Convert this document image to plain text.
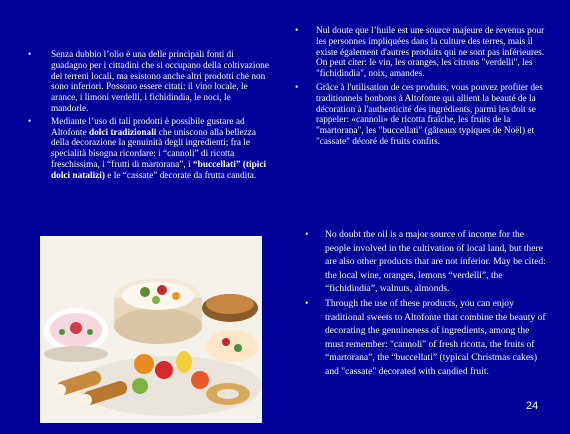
• Senza dubbio l’olio è una delle principali fonti di guadagno per i cittadini che si occupano della coltivazione dei terreni locali, ma esistono anche altri prodotti che non sono inferiori. Possono essere citati: il vino locale, le arance, i limoni verdelli, i fichidindia, le noci, le mandorle.
• Mediante l’uso di tali prodotti è possibile gustare ad Altofonte dolci tradizionali che uniscono alla bellezza della decorazione la genuinità degli ingredienti; fra le specialità bisogna ricordare: i “cannoli” di ricotta freschissima, i “frutti di martorana”, i “buccellati” (tipici dolci natalizi) e le “cassate” decorate da frutta candita.
• Nul doute que l’huile est une source majeure de revenus pour les personnes impliquées dans la culture des terres, mais il existe également d'autres produits qui ne sont pas inférieures. On peut citer: le vin, les oranges, les citrons "verdelli", les "fichidindia", noix, amandes.
• Grâce à l'utilisation de ces produits, vous pouvez profiter des traditionnels bonbons à Altofonte qui allient la beauté de la décoration à l'authenticité des ingrédients, parmi les doit se rappeler: «cannoli» de ricotta fraîche, les fruits de la "martorana", les "buccellati" (gâteaux typiques de Noël) et "cassate" décoré de fruits confits.
• No doubt the oil is a major source of income for the people involved in the cultivation of local land, but there are also other products that are not inferior. May be cited: the local wine, oranges, lemons “verdelli”, the “fichidindia”, walnuts, almonds.
• Through the use of these products, you can enjoy traditional sweets to Altofonte that combine the beauty of decorating the genuineness of ingredients, among the must remember: "cannoli" of fresh ricotta, the fruits of “martorana”, the “buccellati” (typical Christmas cakes) and "cassate" decorated with candied fruit.
24
